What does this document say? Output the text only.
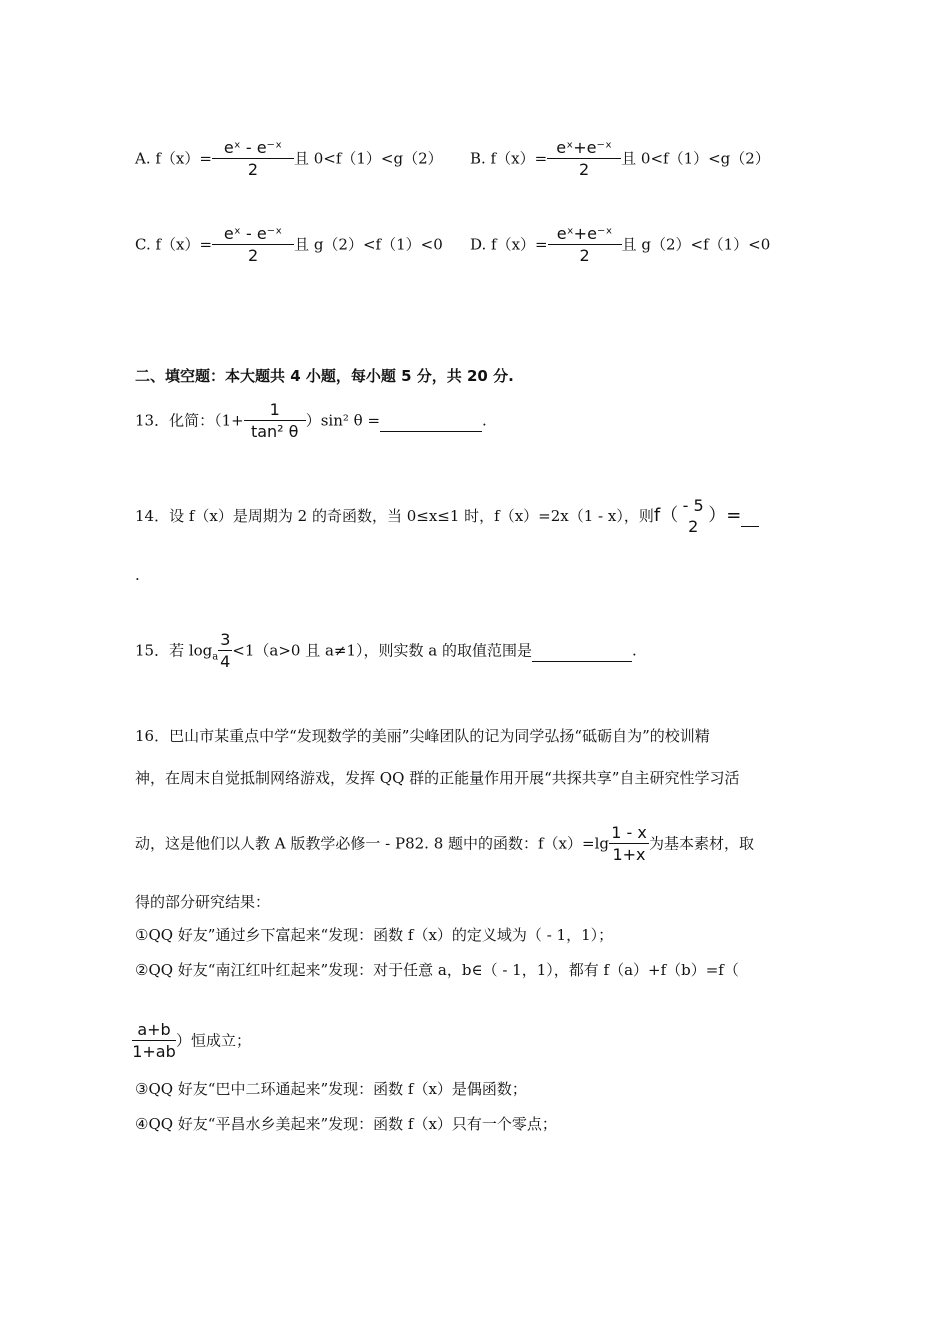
A. $f(x)= \frac{\text{eˣ - e⁻ˣ}}{2}$ 且 0<f（1）<g（2） B. $f(x)= \frac{\text{eˣ+e⁻ˣ}}{2}$ 且 0<f（1）<g（2）
C. $f(x)= \frac{\text{eˣ - e⁻ˣ}}{2}$ 且 g（2）<f（1）<0 D. $f(x)= \frac{\text{eˣ+e⁻ˣ}}{2}$ 且 g（2）<f（1）<0
二、填空题：本大题共 4 小题，每小题 5 分，共 20 分.
13．化简：$(1+ \frac{1}{\text{tan² θ}} )\sin^2$ θ =	.
14．设 f（x）是周期为 2 的奇函数，当 0≤x≤1 时，f（x）=2x（1 - x），则f（ - 5
2
）=
.
15．若 $\log_a \frac{3}{4} <1(a>0$ 且 a≠1），则实数 a 的取值范围是	.
16．巴山市某重点中学“发现数学的美丽”尖峰团队的记为同学弘扬“砥砺自为”的校训精
神，在周末自觉抵制网络游戏，发挥 QQ 群的正能量作用开展“共探共享”自主研究性学习活
动，这是他们以人教 A 版教学必修一 - P82. 8 题中的函数：$f(x)=\lg \frac{1 - x}{1+x}$ 为基本素材，取
得的部分研究结果：
①QQ 好友”通过乡下富起来“发现：函数 f（x）的定义域为（ - 1，1）；
②QQ 好友“南江红叶红起来”发现：对于任意 a，b∈（ - 1，1），都有 f（a）+f（b）=f（
$\frac{a+b}{1+ab}$ ）恒成立；
③QQ 好友“巴中二环通起来”发现：函数 f（x）是偶函数；
④QQ 好友“平昌水乡美起来”发现：函数 f（x）只有一个零点；
